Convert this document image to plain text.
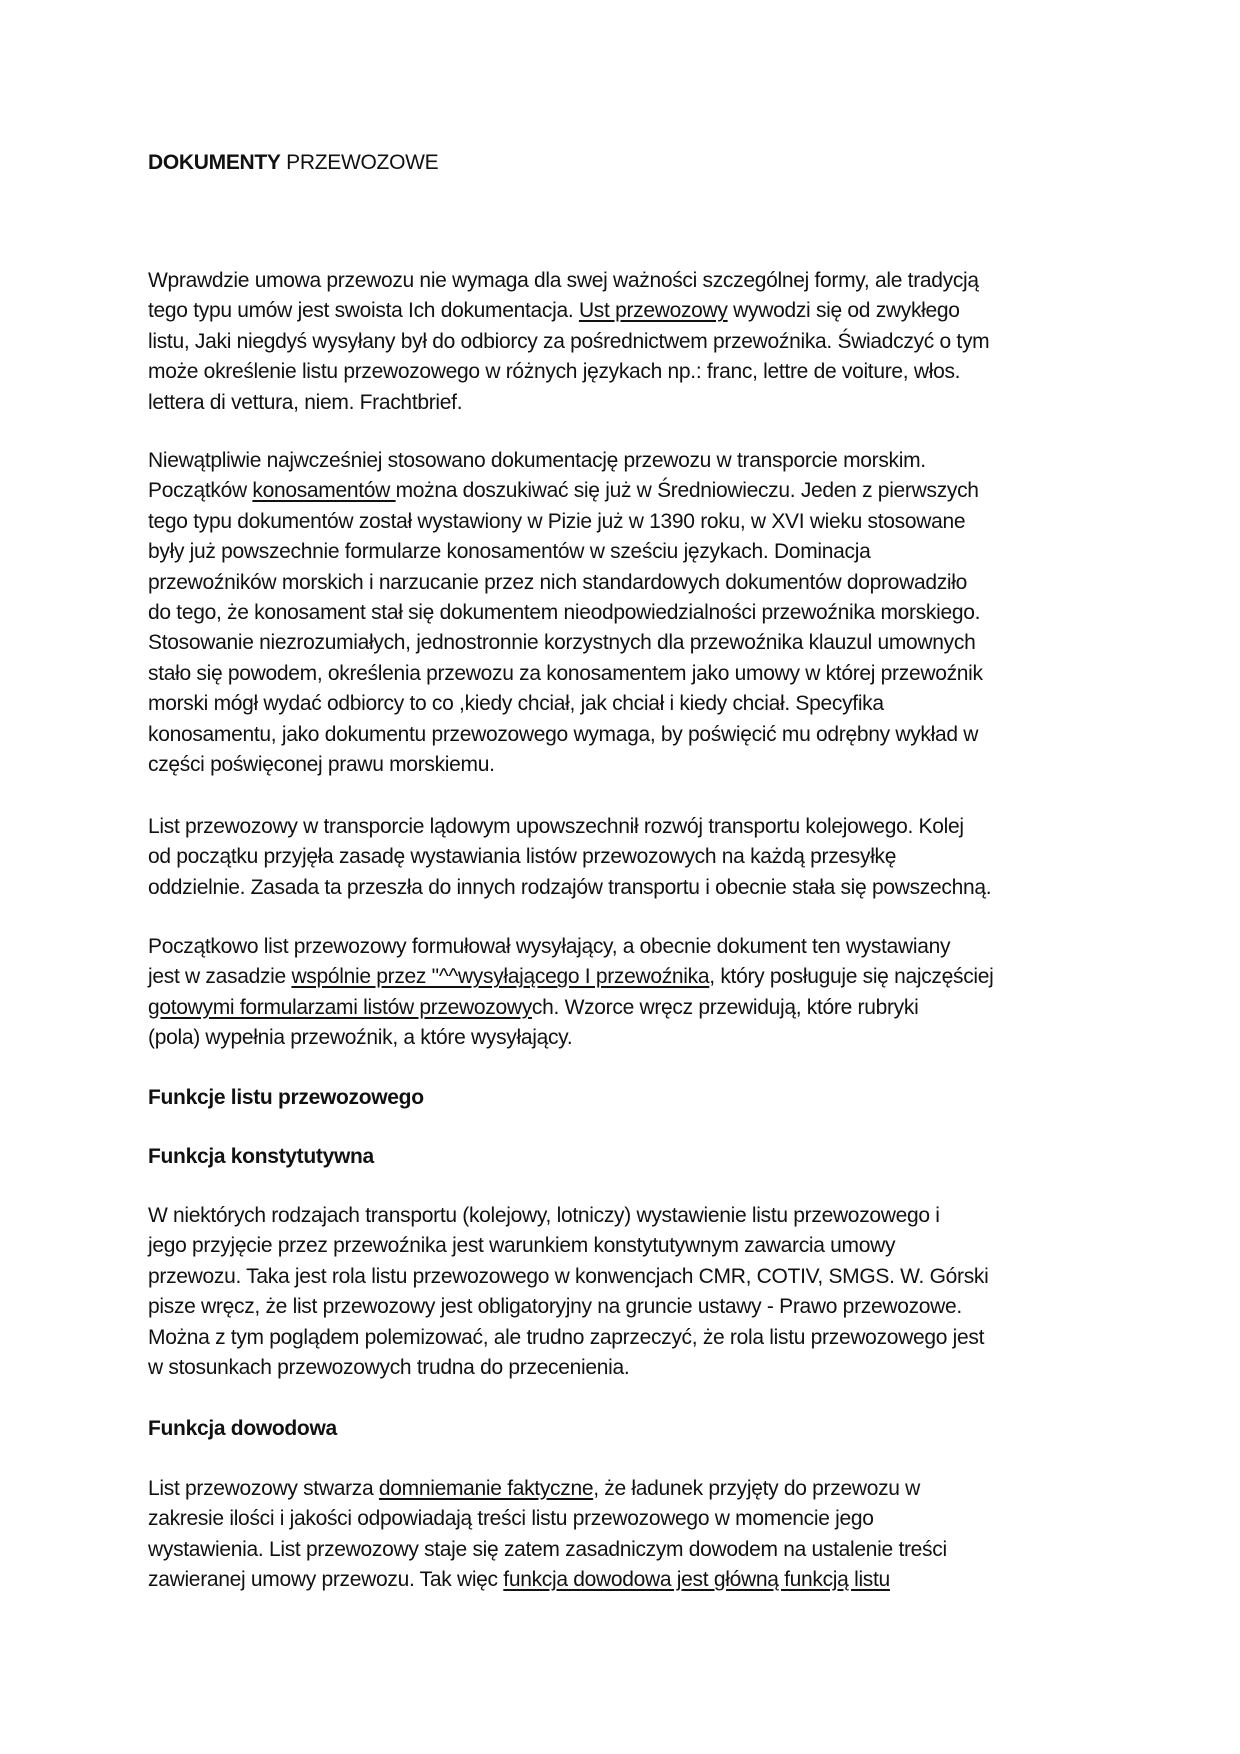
DOKUMENTY PRZEWOZOWE
Wprawdzie umowa przewozu nie wymaga dla swej ważności szczególnej formy, ale tradycją
tego typu umów jest swoista Ich dokumentacja. Ust przewozowy wywodzi się od zwykłego
listu, Jaki niegdyś wysyłany był do odbiorcy za pośrednictwem przewoźnika. Świadczyć o tym
może określenie listu przewozowego w różnych językach np.: franc, lettre de voiture, włos.
lettera di vettura, niem. Frachtbrief.
Niewątpliwie najwcześniej stosowano dokumentację przewozu w transporcie morskim.
Początków konosamentów można doszukiwać się już w Średniowieczu. Jeden z pierwszych
tego typu dokumentów został wystawiony w Pizie już w 1390 roku, w XVI wieku stosowane
były już powszechnie formularze konosamentów w sześciu językach. Dominacja
przewoźników morskich i narzucanie przez nich standardowych dokumentów doprowadziło
do tego, że konosament stał się dokumentem nieodpowiedzialności przewoźnika morskiego.
Stosowanie niezrozumiałych, jednostronnie korzystnych dla przewoźnika klauzul umownych
stało się powodem, określenia przewozu za konosamentem jako umowy w której przewoźnik
morski mógł wydać odbiorcy to co ,kiedy chciał, jak chciał i kiedy chciał. Specyfika
konosamentu, jako dokumentu przewozowego wymaga, by poświęcić mu odrębny wykład w
części poświęconej prawu morskiemu.
List przewozowy w transporcie lądowym upowszechnił rozwój transportu kolejowego. Kolej
od początku przyjęła zasadę wystawiania listów przewozowych na każdą przesyłkę
oddzielnie. Zasada ta przeszła do innych rodzajów transportu i obecnie stała się powszechną.
Początkowo list przewozowy formułował wysyłający, a obecnie dokument ten wystawiany
jest w zasadzie wspólnie przez "^^wysyłającego I przewoźnika, który posługuje się najczęściej
gotowymi formularzami listów przewozowych. Wzorce wręcz przewidują, które rubryki
(pola) wypełnia przewoźnik, a które wysyłający.
Funkcje listu przewozowego
Funkcja konstytutywna
W niektórych rodzajach transportu (kolejowy, lotniczy) wystawienie listu przewozowego i
jego przyjęcie przez przewoźnika jest warunkiem konstytutywnym zawarcia umowy
przewozu. Taka jest rola listu przewozowego w konwencjach CMR, COTIV, SMGS. W. Górski
pisze wręcz, że list przewozowy jest obligatoryjny na gruncie ustawy - Prawo przewozowe.
Można z tym poglądem polemizować, ale trudno zaprzeczyć, że rola listu przewozowego jest
w stosunkach przewozowych trudna do przecenienia.
Funkcja dowodowa
List przewozowy stwarza domniemanie faktyczne, że ładunek przyjęty do przewozu w
zakresie ilości i jakości odpowiadają treści listu przewozowego w momencie jego
wystawienia. List przewozowy staje się zatem zasadniczym dowodem na ustalenie treści
zawieranej umowy przewozu. Tak więc funkcja dowodowa jest główną funkcją listu
